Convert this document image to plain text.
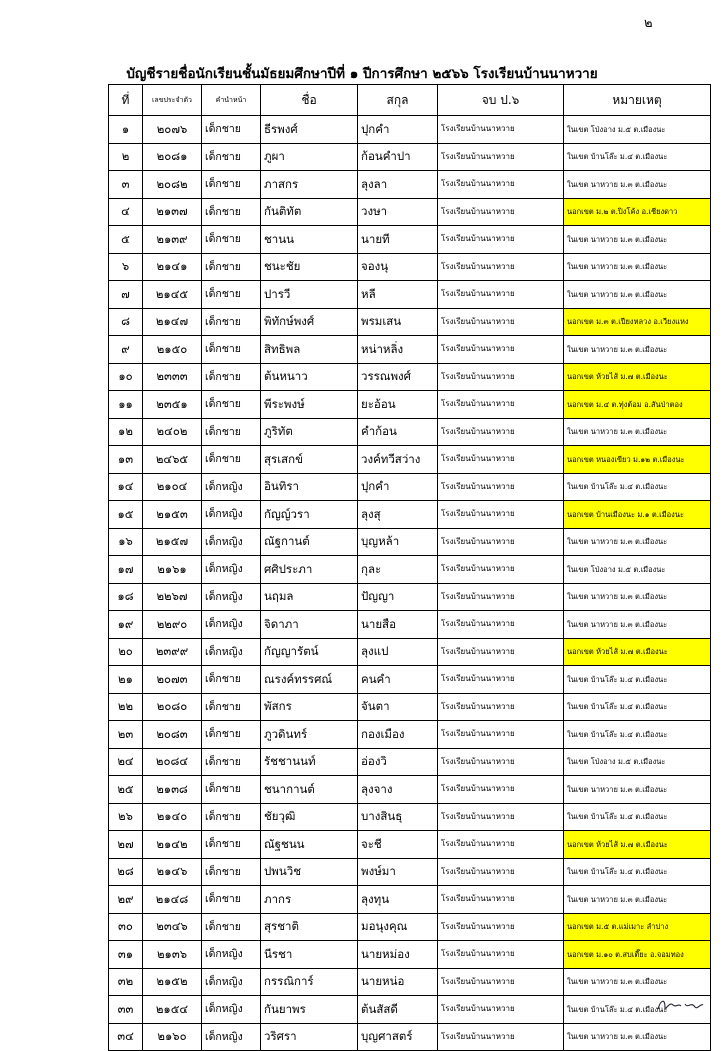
๒
บัญชีรายชื่อนักเรียนชั้นมัธยมศึกษาปีที่ ๑ ปีการศึกษา ๒๕๖๖ โรงเรียนบ้านนาหวาย
ที่	เลขประจำตัว	คำนำหน้า	ชื่อ	สกุล	จบ ป.๖	หมายเหตุ
๑	๒๐๗๖	เด็กชาย	ธีรพงศ์	ปุกคำ	โรงเรียนบ้านนาหวาย	ในเขต โป่งอาง ม.๕ ต.เมืองนะ
๒	๒๐๘๑	เด็กชาย	ภูผา	ก้อนคำปา	โรงเรียนบ้านนาหวาย	ในเขต บ้านโล๊ะ ม.๔ ต.เมืองนะ
๓	๒๐๘๒	เด็กชาย	ภาสกร	ลุงลา	โรงเรียนบ้านนาหวาย	ในเขต นาหวาย ม.๓ ต.เมืองนะ
๔	๒๑๓๗	เด็กชาย	กันติทัต	วงษา	โรงเรียนบ้านนาหวาย	นอกเขต ม.๒ ต.ปิงโค้ง อ.เชียงดาว
๕	๒๑๓๙	เด็กชาย	ชานน	นายที	โรงเรียนบ้านนาหวาย	ในเขต นาหวาย ม.๓ ต.เมืองนะ
๖	๒๑๔๑	เด็กชาย	ชนะชัย	จองนุ	โรงเรียนบ้านนาหวาย	ในเขต นาหวาย ม.๓ ต.เมืองนะ
๗	๒๑๔๕	เด็กชาย	ปารวี	หลี	โรงเรียนบ้านนาหวาย	ในเขต นาหวาย ม.๓ ต.เมืองนะ
๘	๒๑๔๗	เด็กชาย	พิทักษ์พงศ์	พรมเสน	โรงเรียนบ้านนาหวาย	นอกเขต ม.๓ ต.เปียงหลวง อ.เวียงแหง
๙	๒๑๕๐	เด็กชาย	สิทธิพล	หน่าหลิ่ง	โรงเรียนบ้านนาหวาย	ในเขต นาหวาย ม.๓ ต.เมืองนะ
๑๐	๒๓๓๓	เด็กชาย	ต้นหนาว	วรรณพงศ์	โรงเรียนบ้านนาหวาย	นอกเขต ห้วยไส้ ม.๗ ต.เมืองนะ
๑๑	๒๓๕๑	เด็กชาย	พีระพงษ์	ยะอ้อน	โรงเรียนบ้านนาหวาย	นอกเขต ม.๔ ต.ทุ่งต้อม อ.สันป่าตอง
๑๒	๒๔๐๒	เด็กชาย	ภูริทัต	คำก้อน	โรงเรียนบ้านนาหวาย	ในเขต นาหวาย ม.๓ ต.เมืองนะ
๑๓	๒๔๖๕	เด็กชาย	สุรเสกข์	วงค์ทวีสว่าง	โรงเรียนบ้านนาหวาย	นอกเขต หนองเขียว ม.๑๒ ต.เมืองนะ
๑๔	๒๑๐๔	เด็กหญิง	อินทิรา	ปุกคำ	โรงเรียนบ้านนาหวาย	ในเขต บ้านโล๊ะ ม.๔ ต.เมืองนะ
๑๕	๒๑๕๓	เด็กหญิง	กัญญ์วรา	ลุงสุ	โรงเรียนบ้านนาหวาย	นอกเขต บ้านเมืองนะ ม.๑ ต.เมืองนะ
๑๖	๒๑๕๗	เด็กหญิง	ณัฐกานต์	บุญหล้า	โรงเรียนบ้านนาหวาย	ในเขต นาหวาย ม.๓ ต.เมืองนะ
๑๗	๒๑๖๑	เด็กหญิง	ศศิประภา	กุละ	โรงเรียนบ้านนาหวาย	ในเขต โป่งอาง ม.๕ ต.เมืองนะ
๑๘	๒๒๖๗	เด็กหญิง	นฤมล	ปัญญา	โรงเรียนบ้านนาหวาย	ในเขต นาหวาย ม.๓ ต.เมืองนะ
๑๙	๒๒๙๐	เด็กหญิง	จิดาภา	นายสือ	โรงเรียนบ้านนาหวาย	ในเขต นาหวาย ม.๓ ต.เมืองนะ
๒๐	๒๓๙๙	เด็กหญิง	กัญญารัตน์	ลุงแป	โรงเรียนบ้านนาหวาย	นอกเขต ห้วยไส้ ม.๗ ต.เมืองนะ
๒๑	๒๐๗๓	เด็กชาย	ณรงค์ทรรศณ์	คนคำ	โรงเรียนบ้านนาหวาย	ในเขต บ้านโล๊ะ ม.๔ ต.เมืองนะ
๒๒	๒๐๘๐	เด็กชาย	พัสกร	จันตา	โรงเรียนบ้านนาหวาย	ในเขต บ้านโล๊ะ ม.๔ ต.เมืองนะ
๒๓	๒๐๘๓	เด็กชาย	ภูวดินทร์	กองเมือง	โรงเรียนบ้านนาหวาย	ในเขต บ้านโล๊ะ ม.๔ ต.เมืองนะ
๒๔	๒๐๘๔	เด็กชาย	รัชชานนท์	อ่องวิ	โรงเรียนบ้านนาหวาย	ในเขต โป่งอาง ม.๕ ต.เมืองนะ
๒๕	๒๑๓๘	เด็กชาย	ชนากานต์	ลุงจาง	โรงเรียนบ้านนาหวาย	ในเขต นาหวาย ม.๓ ต.เมืองนะ
๒๖	๒๑๔๐	เด็กชาย	ชัยวุฒิ	บางสินธุ	โรงเรียนบ้านนาหวาย	ในเขต บ้านโล๊ะ ม.๔ ต.เมืองนะ
๒๗	๒๑๔๒	เด็กชาย	ณัฐชนน	จะชี	โรงเรียนบ้านนาหวาย	นอกเขต ห้วยไส้ ม.๗ ต.เมืองนะ
๒๘	๒๑๔๖	เด็กชาย	ปพนวิช	พงษ์มา	โรงเรียนบ้านนาหวาย	ในเขต บ้านโล๊ะ ม.๔ ต.เมืองนะ
๒๙	๒๑๔๘	เด็กชาย	ภากร	ลุงทุน	โรงเรียนบ้านนาหวาย	ในเขต นาหวาย ม.๓ ต.เมืองนะ
๓๐	๒๓๔๖	เด็กชาย	สุรชาติ	มอนุงคุณ	โรงเรียนบ้านนาหวาย	นอกเขต ม.๕ ต.แม่เมาะ ลำปาง
๓๑	๒๑๓๖	เด็กหญิง	นีรชา	นายหม่อง	โรงเรียนบ้านนาหวาย	นอกเขต ม.๑๐ ต.สบเตี๊ยะ อ.จอมทอง
๓๒	๒๑๕๒	เด็กหญิง	กรรณิการ์	นายหน่อ	โรงเรียนบ้านนาหวาย	ในเขต นาหวาย ม.๓ ต.เมืองนะ
๓๓	๒๑๕๔	เด็กหญิง	กันยาพร	ต้นสัสดี	โรงเรียนบ้านนาหวาย	ในเขต บ้านโล๊ะ ม.๔ ต.เมืองนะ
๓๔	๒๑๖๐	เด็กหญิง	วริศรา	บุญศาสตร์	โรงเรียนบ้านนาหวาย	ในเขต นาหวาย ม.๓ ต.เมืองนะ
